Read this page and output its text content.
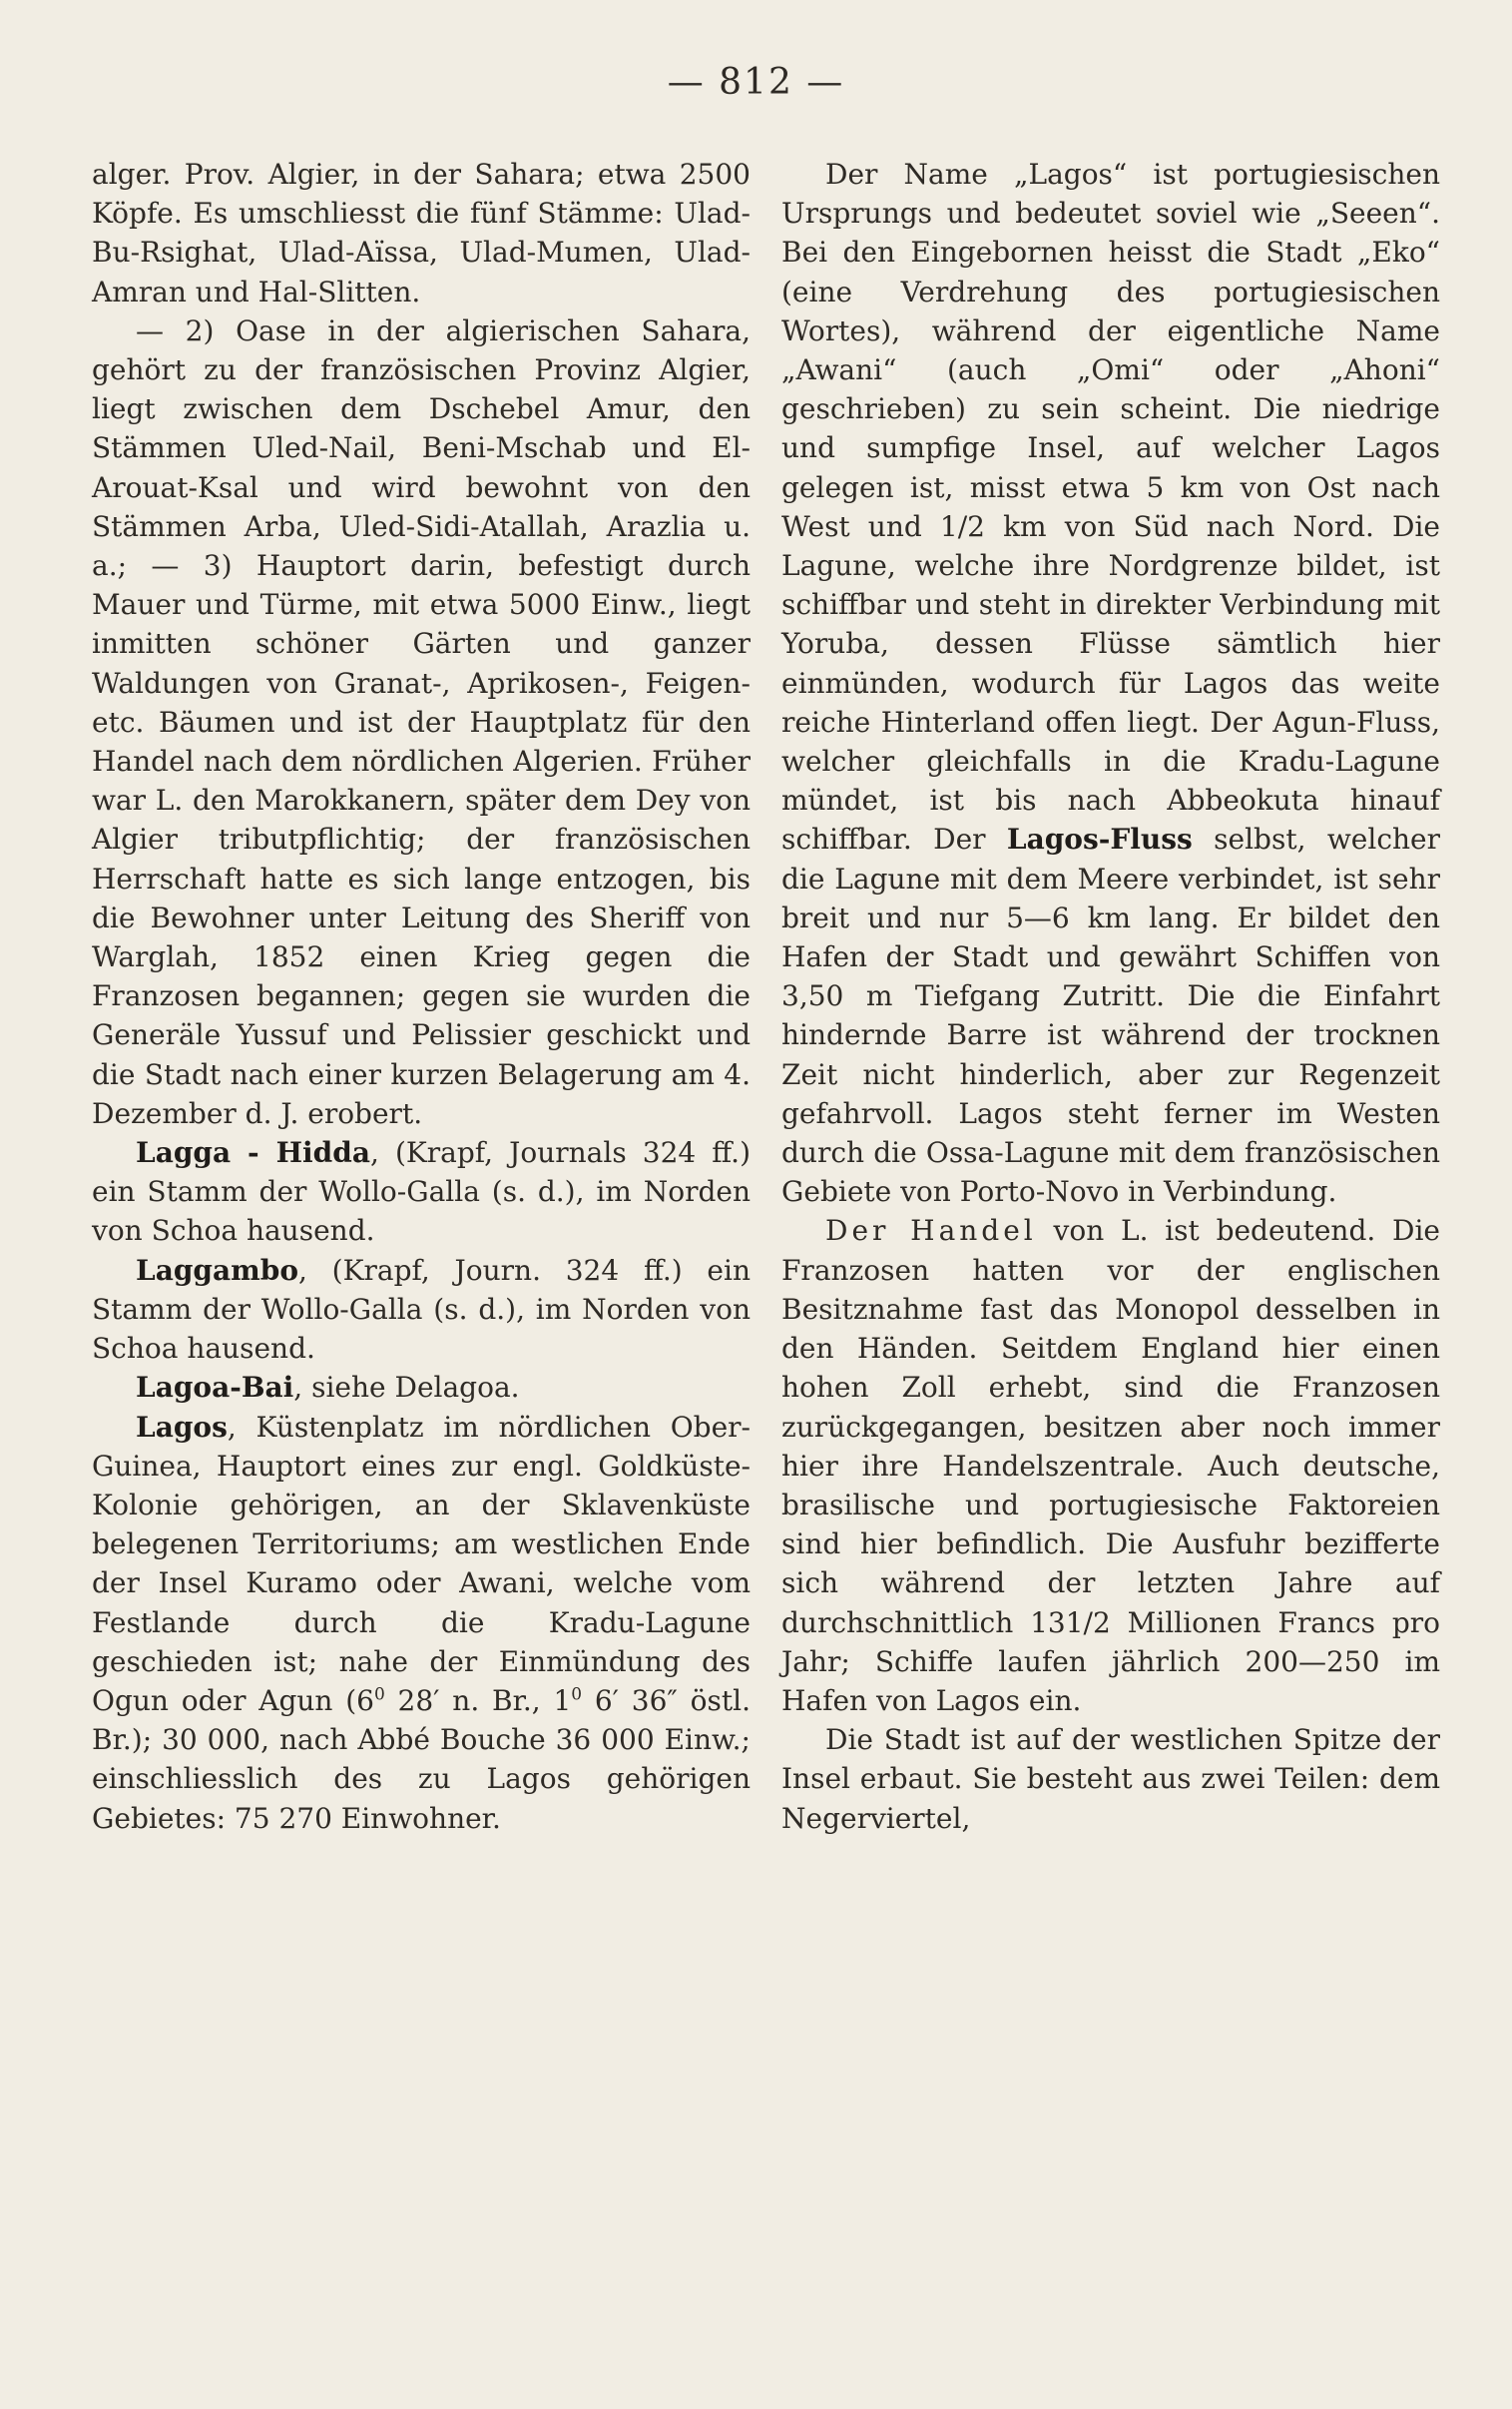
— 812 —

alger. Prov. Algier, in der Sahara; etwa 2500 Köpfe. Es umschliesst die fünf Stämme: Ulad-Bu-Rsighat, Ulad-Aïssa, Ulad-Mumen, Ulad-Amran und Hal-Slitten.

— 2) Oase in der algierischen Sahara, gehört zu der französischen Provinz Algier, liegt zwischen dem Dschebel Amur, den Stämmen Uled-Nail, Beni-Mschab und El-Arouat-Ksal und wird bewohnt von den Stämmen Arba, Uled-Sidi-Atallah, Arazlia u. a.; — 3) Hauptort darin, befestigt durch Mauer und Türme, mit etwa 5000 Einw., liegt inmitten schöner Gärten und ganzer Waldungen von Granat-, Aprikosen-, Feigen- etc. Bäumen und ist der Hauptplatz für den Handel nach dem nördlichen Algerien. Früher war L. den Marokkanern, später dem Dey von Algier tributpflichtig; der französischen Herrschaft hatte es sich lange entzogen, bis die Bewohner unter Leitung des Sheriff von Warglah, 1852 einen Krieg gegen die Franzosen begannen; gegen sie wurden die Generäle Yussuf und Pelissier geschickt und die Stadt nach einer kurzen Belagerung am 4. Dezember d. J. erobert.

Lagga - Hidda, (Krapf, Journals 324 ff.) ein Stamm der Wollo-Galla (s. d.), im Norden von Schoa hausend.

Laggambo, (Krapf, Journ. 324 ff.) ein Stamm der Wollo-Galla (s. d.), im Norden von Schoa hausend.

Lagoa-Bai, siehe Delagoa.

Lagos, Küstenplatz im nördlichen Ober-Guinea, Hauptort eines zur engl. Goldküste-Kolonie gehörigen, an der Sklavenküste belegenen Territoriums; am westlichen Ende der Insel Kuramo oder Awani, welche vom Festlande durch die Kradu-Lagune geschieden ist; nahe der Einmündung des Ogun oder Agun ($6^0$ 28′ n. Br., $1^0$ 6′ 36″ östl. Br.); 30 000, nach Abbé Bouche 36 000 Einw.; einschliesslich des zu Lagos gehörigen Gebietes: 75 270 Einwohner.

Der Name „Lagos“ ist portugiesischen Ursprungs und bedeutet soviel wie „Seeen“. Bei den Eingebornen heisst die Stadt „Eko“ (eine Verdrehung des portugiesischen Wortes), während der eigentliche Name „Awani“ (auch „Omi“ oder „Ahoni“ geschrieben) zu sein scheint. Die niedrige und sumpfige Insel, auf welcher Lagos gelegen ist, misst etwa 5 km von Ost nach West und 1/2 km von Süd nach Nord. Die Lagune, welche ihre Nordgrenze bildet, ist schiffbar und steht in direkter Verbindung mit Yoruba, dessen Flüsse sämtlich hier einmünden, wodurch für Lagos das weite reiche Hinterland offen liegt. Der Agun-Fluss, welcher gleichfalls in die Kradu-Lagune mündet, ist bis nach Abbeokuta hinauf schiffbar. Der Lagos-Fluss selbst, welcher die Lagune mit dem Meere verbindet, ist sehr breit und nur 5—6 km lang. Er bildet den Hafen der Stadt und gewährt Schiffen von 3,50 m Tiefgang Zutritt. Die die Einfahrt hindernde Barre ist während der trocknen Zeit nicht hinderlich, aber zur Regenzeit gefahrvoll. Lagos steht ferner im Westen durch die Ossa-Lagune mit dem französischen Gebiete von Porto-Novo in Verbindung.

Der Handel von L. ist bedeutend. Die Franzosen hatten vor der englischen Besitznahme fast das Monopol desselben in den Händen. Seitdem England hier einen hohen Zoll erhebt, sind die Franzosen zurückgegangen, besitzen aber noch immer hier ihre Handelszentrale. Auch deutsche, brasilische und portugiesische Faktoreien sind hier befindlich. Die Ausfuhr bezifferte sich während der letzten Jahre auf durchschnittlich 131/2 Millionen Francs pro Jahr; Schiffe laufen jährlich 200—250 im Hafen von Lagos ein.

Die Stadt ist auf der westlichen Spitze der Insel erbaut. Sie besteht aus zwei Teilen: dem Negerviertel,
